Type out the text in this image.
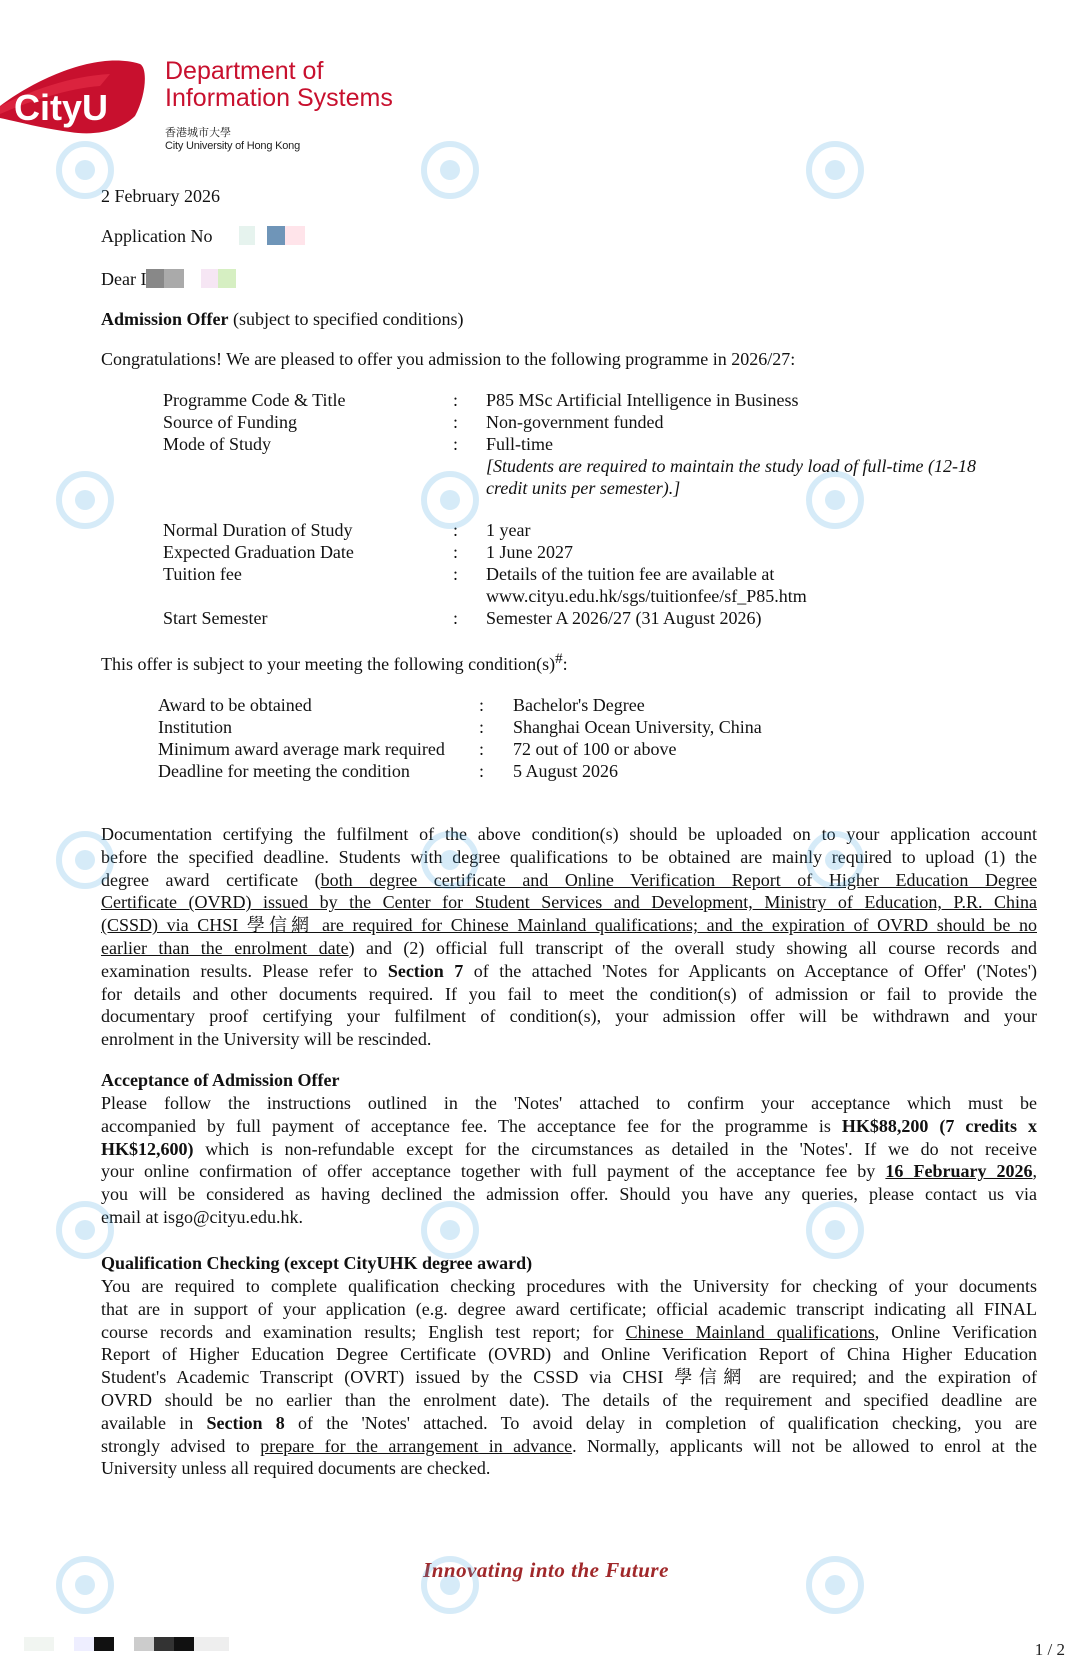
CityU
Department of
Information Systems
香港城市大學
City University of Hong Kong
2 February 2026
Application No
Dear I
Admission Offer (subject to specified conditions)
Congratulations! We are pleased to offer you admission to the following programme in 2026/27:
Programme Code & Title	: P85 MSc Artificial Intelligence in Business
Source of Funding	: Non-government funded
Mode of Study	: Full-time
[Students are required to maintain the study load of full-time (12-18
credit units per semester).]
Normal Duration of Study	: 1 year
Expected Graduation Date	: 1 June 2027
Tuition fee	: Details of the tuition fee are available at
www.cityu.edu.hk/sgs/tuitionfee/sf_P85.htm
Start Semester	: Semester A 2026/27 (31 August 2026)
This offer is subject to your meeting the following condition(s)#:
Award to be obtained	: Bachelor's Degree
Institution	: Shanghai Ocean University, China
Minimum award average mark required : 72 out of 100 or above
Deadline for meeting the condition	: 5 August 2026
Documentation certifying the fulfilment of the above condition(s) should be uploaded on to your application account
before the specified deadline. Students with degree qualifications to be obtained are mainly required to upload (1) the
degree award certificate (both degree certificate and Online Verification Report of Higher Education Degree
Certificate (OVRD) issued by the Center for Student Services and Development, Ministry of Education, P.R. China
(CSSD) via CHSI 學信網 are required for Chinese Mainland qualifications; and the expiration of OVRD should be no
earlier than the enrolment date) and (2) official full transcript of the overall study showing all course records and
examination results. Please refer to Section 7 of the attached 'Notes for Applicants on Acceptance of Offer' ('Notes')
for details and other documents required. If you fail to meet the condition(s) of admission or fail to provide the
documentary proof certifying your fulfilment of condition(s), your admission offer will be withdrawn and your
enrolment in the University will be rescinded.
Acceptance of Admission Offer
Please follow the instructions outlined in the 'Notes' attached to confirm your acceptance which must be
accompanied by full payment of acceptance fee. The acceptance fee for the programme is HK$88,200 (7 credits x
HK$12,600) which is non-refundable except for the circumstances as detailed in the 'Notes'. If we do not receive
your online confirmation of offer acceptance together with full payment of the acceptance fee by 16 February 2026,
you will be considered as having declined the admission offer. Should you have any queries, please contact us via
email at isgo@cityu.edu.hk.
Qualification Checking (except CityUHK degree award)
You are required to complete qualification checking procedures with the University for checking of your documents
that are in support of your application (e.g. degree award certificate; official academic transcript indicating all FINAL
course records and examination results; English test report; for Chinese Mainland qualifications, Online Verification
Report of Higher Education Degree Certificate (OVRD) and Online Verification Report of China Higher Education
Student's Academic Transcript (OVRT) issued by the CSSD via CHSI 學信網 are required; and the expiration of
OVRD should be no earlier than the enrolment date). The details of the requirement and specified deadline are
available in Section 8 of the 'Notes' attached. To avoid delay in completion of qualification checking, you are
strongly advised to prepare for the arrangement in advance. Normally, applicants will not be allowed to enrol at the
University unless all required documents are checked.
Innovating into the Future
1 / 2
